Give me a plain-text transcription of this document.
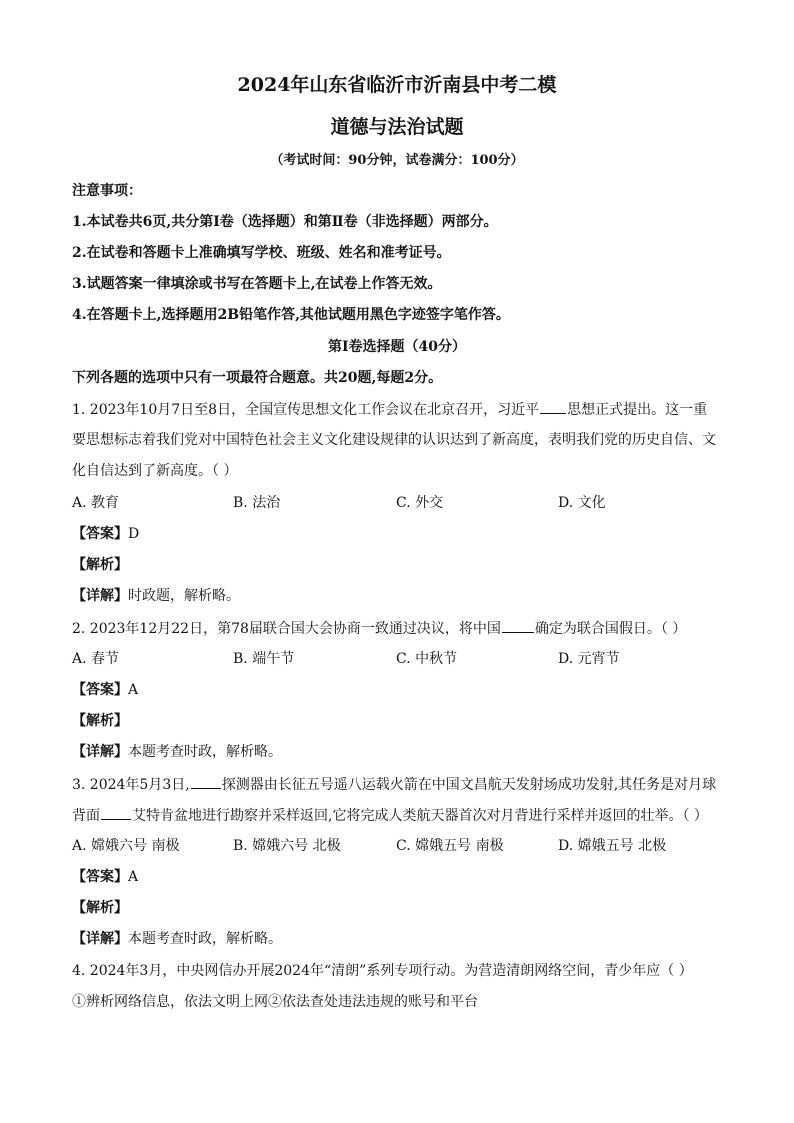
2024年山东省临沂市沂南县中考二模
道德与法治试题
（考试时间：90分钟，试卷满分：100分）
注意事项：
1.本试卷共6页,共分第Ⅰ卷（选择题）和第Ⅱ卷（非选择题）两部分。
2.在试卷和答题卡上准确填写学校、班级、姓名和准考证号。
3.试题答案一律填涂或书写在答题卡上,在试卷上作答无效。
4.在答题卡上,选择题用2B铅笔作答,其他试题用黑色字迹签字笔作答。
第Ⅰ卷选择题（40分）
下列各题的选项中只有一项最符合题意。共20题,每题2分。
1. 2023年10月7日至8日，全国宣传思想文化工作会议在北京召开，习近平 思想正式提出。这一重
要思想标志着我们党对中国特色社会主义文化建设规律的认识达到了新高度，表明我们党的历史自信、文
化自信达到了新高度。（ ）
A. 教育	B. 法治	C. 外交	D. 文化
【答案】D
【解析】
【详解】时政题，解析略。
2. 2023年12月22日，第78届联合国大会协商一致通过决议，将中国 确定为联合国假日。（ ）
A. 春节	B. 端午节	C. 中秋节	D. 元宵节
【答案】A
【解析】
【详解】本题考查时政，解析略。
3. 2024年5月3日, 探测器由长征五号遥八运载火箭在中国文昌航天发射场成功发射,其任务是对月球
背面 艾特肯盆地进行勘察并采样返回,它将完成人类航天器首次对月背进行采样并返回的壮举。（ ）
A. 嫦娥六号 南极	B. 嫦娥六号 北极	C. 嫦娥五号 南极	D. 嫦娥五号 北极
【答案】A
【解析】
【详解】本题考查时政，解析略。
4. 2024年3月，中央网信办开展2024年“清朗”系列专项行动。为营造清朗网络空间，青少年应（ ）
①辨析网络信息，依法文明上网②依法查处违法违规的账号和平台
